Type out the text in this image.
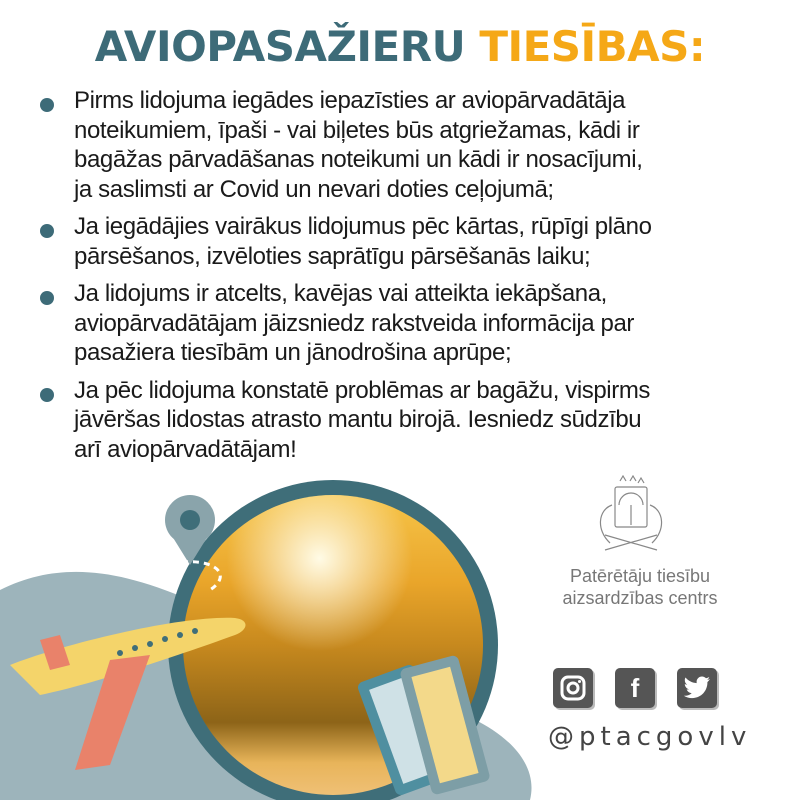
AVIOPASAŽIERU TIESĪBAS:
Pirms lidojuma iegādes iepazīsties ar aviopārvadātāja
noteikumiem, īpaši - vai biļetes būs atgriežamas, kādi ir
bagāžas pārvadāšanas noteikumi un kādi ir nosacījumi,
ja saslimsti ar Covid un nevari doties ceļojumā;
Ja iegādājies vairākus lidojumus pēc kārtas, rūpīgi plāno
pārsēšanos, izvēloties saprātīgu pārsēšanās laiku;
Ja lidojums ir atcelts, kavējas vai atteikta iekāpšana,
aviopārvadātājam jāizsniedz rakstveida informācija par
pasažiera tiesībām un jānodrošina aprūpe;
Ja pēc lidojuma konstatē problēmas ar bagāžu, vispirms
jāvēršas lidostas atrasto mantu birojā. Iesniedz sūdzību
arī aviopārvadātājam!
Patērētāju tiesību
aizsardzības centrs
f
@ptacgovlv
